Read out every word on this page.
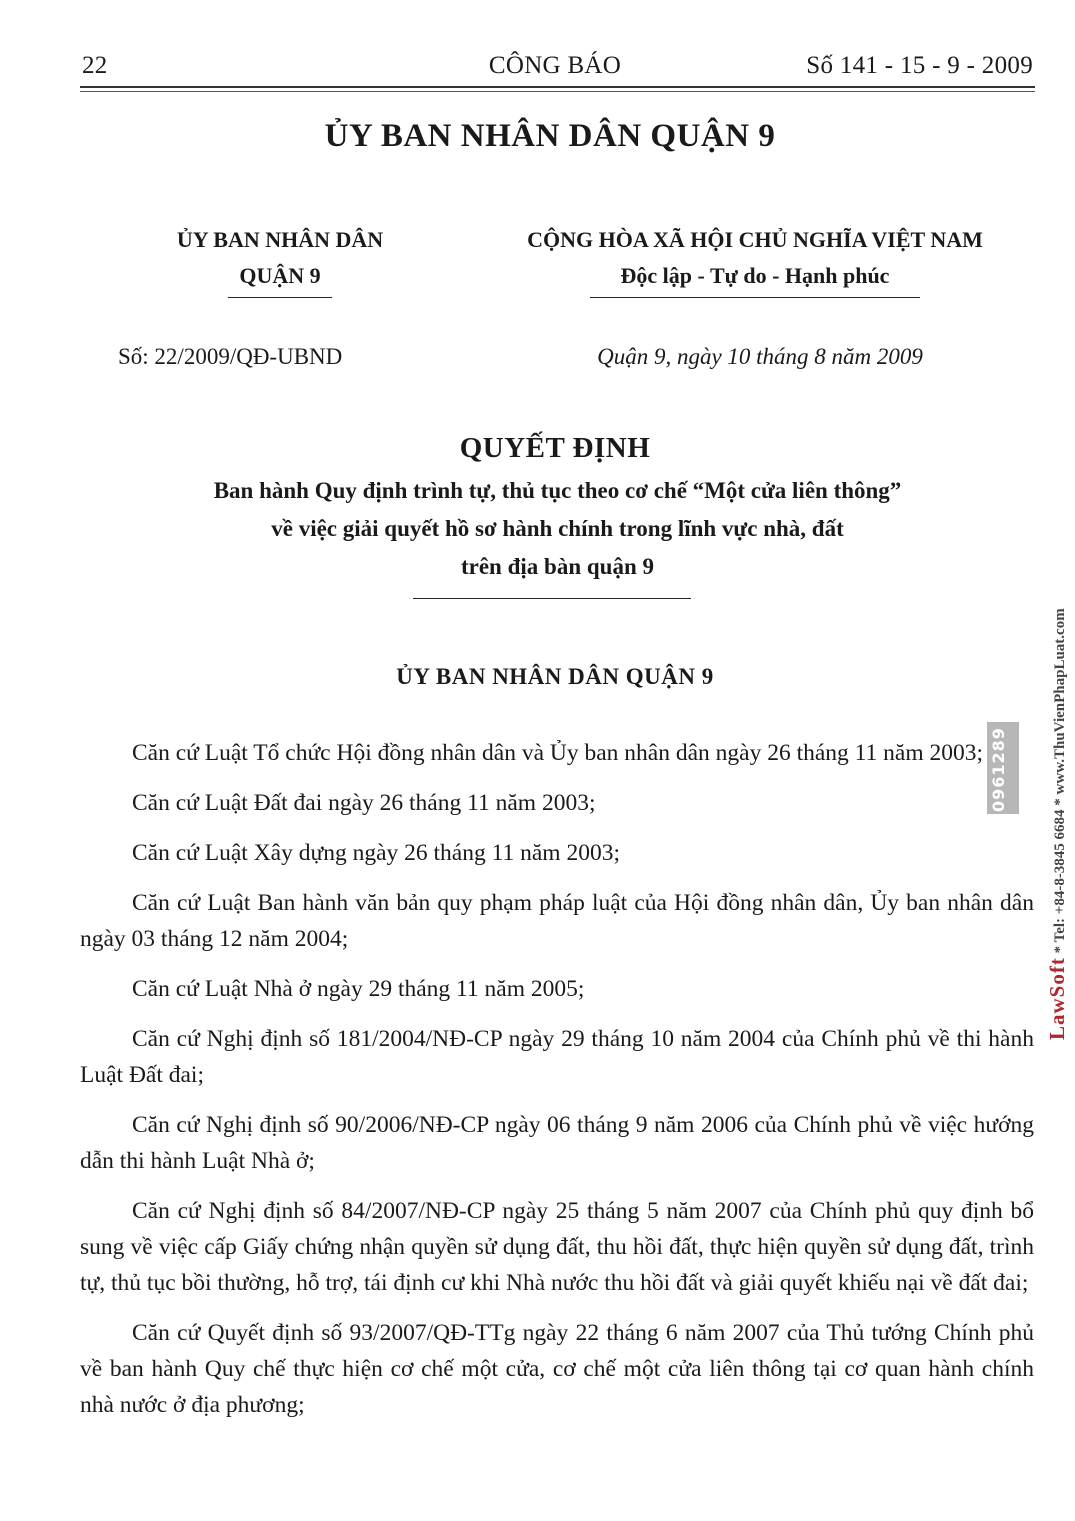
22	CÔNG BÁO	Số 141 - 15 - 9 - 2009
ỦY BAN NHÂN DÂN QUẬN 9
ỦY BAN NHÂN DÂN
QUẬN 9
CỘNG HÒA XÃ HỘI CHỦ NGHĨA VIỆT NAM
Độc lập - Tự do - Hạnh phúc
Số: 22/2009/QĐ-UBND	Quận 9, ngày 10 tháng 8 năm 2009
QUYẾT ĐỊNH
Ban hành Quy định trình tự, thủ tục theo cơ chế “Một cửa liên thông”
về việc giải quyết hồ sơ hành chính trong lĩnh vực nhà, đất
trên địa bàn quận 9
ỦY BAN NHÂN DÂN QUẬN 9

Căn cứ Luật Tổ chức Hội đồng nhân dân và Ủy ban nhân dân ngày 26 tháng 11 năm 2003;

Căn cứ Luật Đất đai ngày 26 tháng 11 năm 2003;

Căn cứ Luật Xây dựng ngày 26 tháng 11 năm 2003;

Căn cứ Luật Ban hành văn bản quy phạm pháp luật của Hội đồng nhân dân, Ủy ban nhân dân ngày 03 tháng 12 năm 2004;

Căn cứ Luật Nhà ở ngày 29 tháng 11 năm 2005;

Căn cứ Nghị định số 181/2004/NĐ-CP ngày 29 tháng 10 năm 2004 của Chính phủ về thi hành Luật Đất đai;

Căn cứ Nghị định số 90/2006/NĐ-CP ngày 06 tháng 9 năm 2006 của Chính phủ về việc hướng dẫn thi hành Luật Nhà ở;

Căn cứ Nghị định số 84/2007/NĐ-CP ngày 25 tháng 5 năm 2007 của Chính phủ quy định bổ sung về việc cấp Giấy chứng nhận quyền sử dụng đất, thu hồi đất, thực hiện quyền sử dụng đất, trình tự, thủ tục bồi thường, hỗ trợ, tái định cư khi Nhà nước thu hồi đất và giải quyết khiếu nại về đất đai;

Căn cứ Quyết định số 93/2007/QĐ-TTg ngày 22 tháng 6 năm 2007 của Thủ tướng Chính phủ về ban hành Quy chế thực hiện cơ chế một cửa, cơ chế một cửa liên thông tại cơ quan hành chính nhà nước ở địa phương;

LawSoft * Tel: +84-8-3845 6684 * www.ThuVienPhapLuat.com
0961289
